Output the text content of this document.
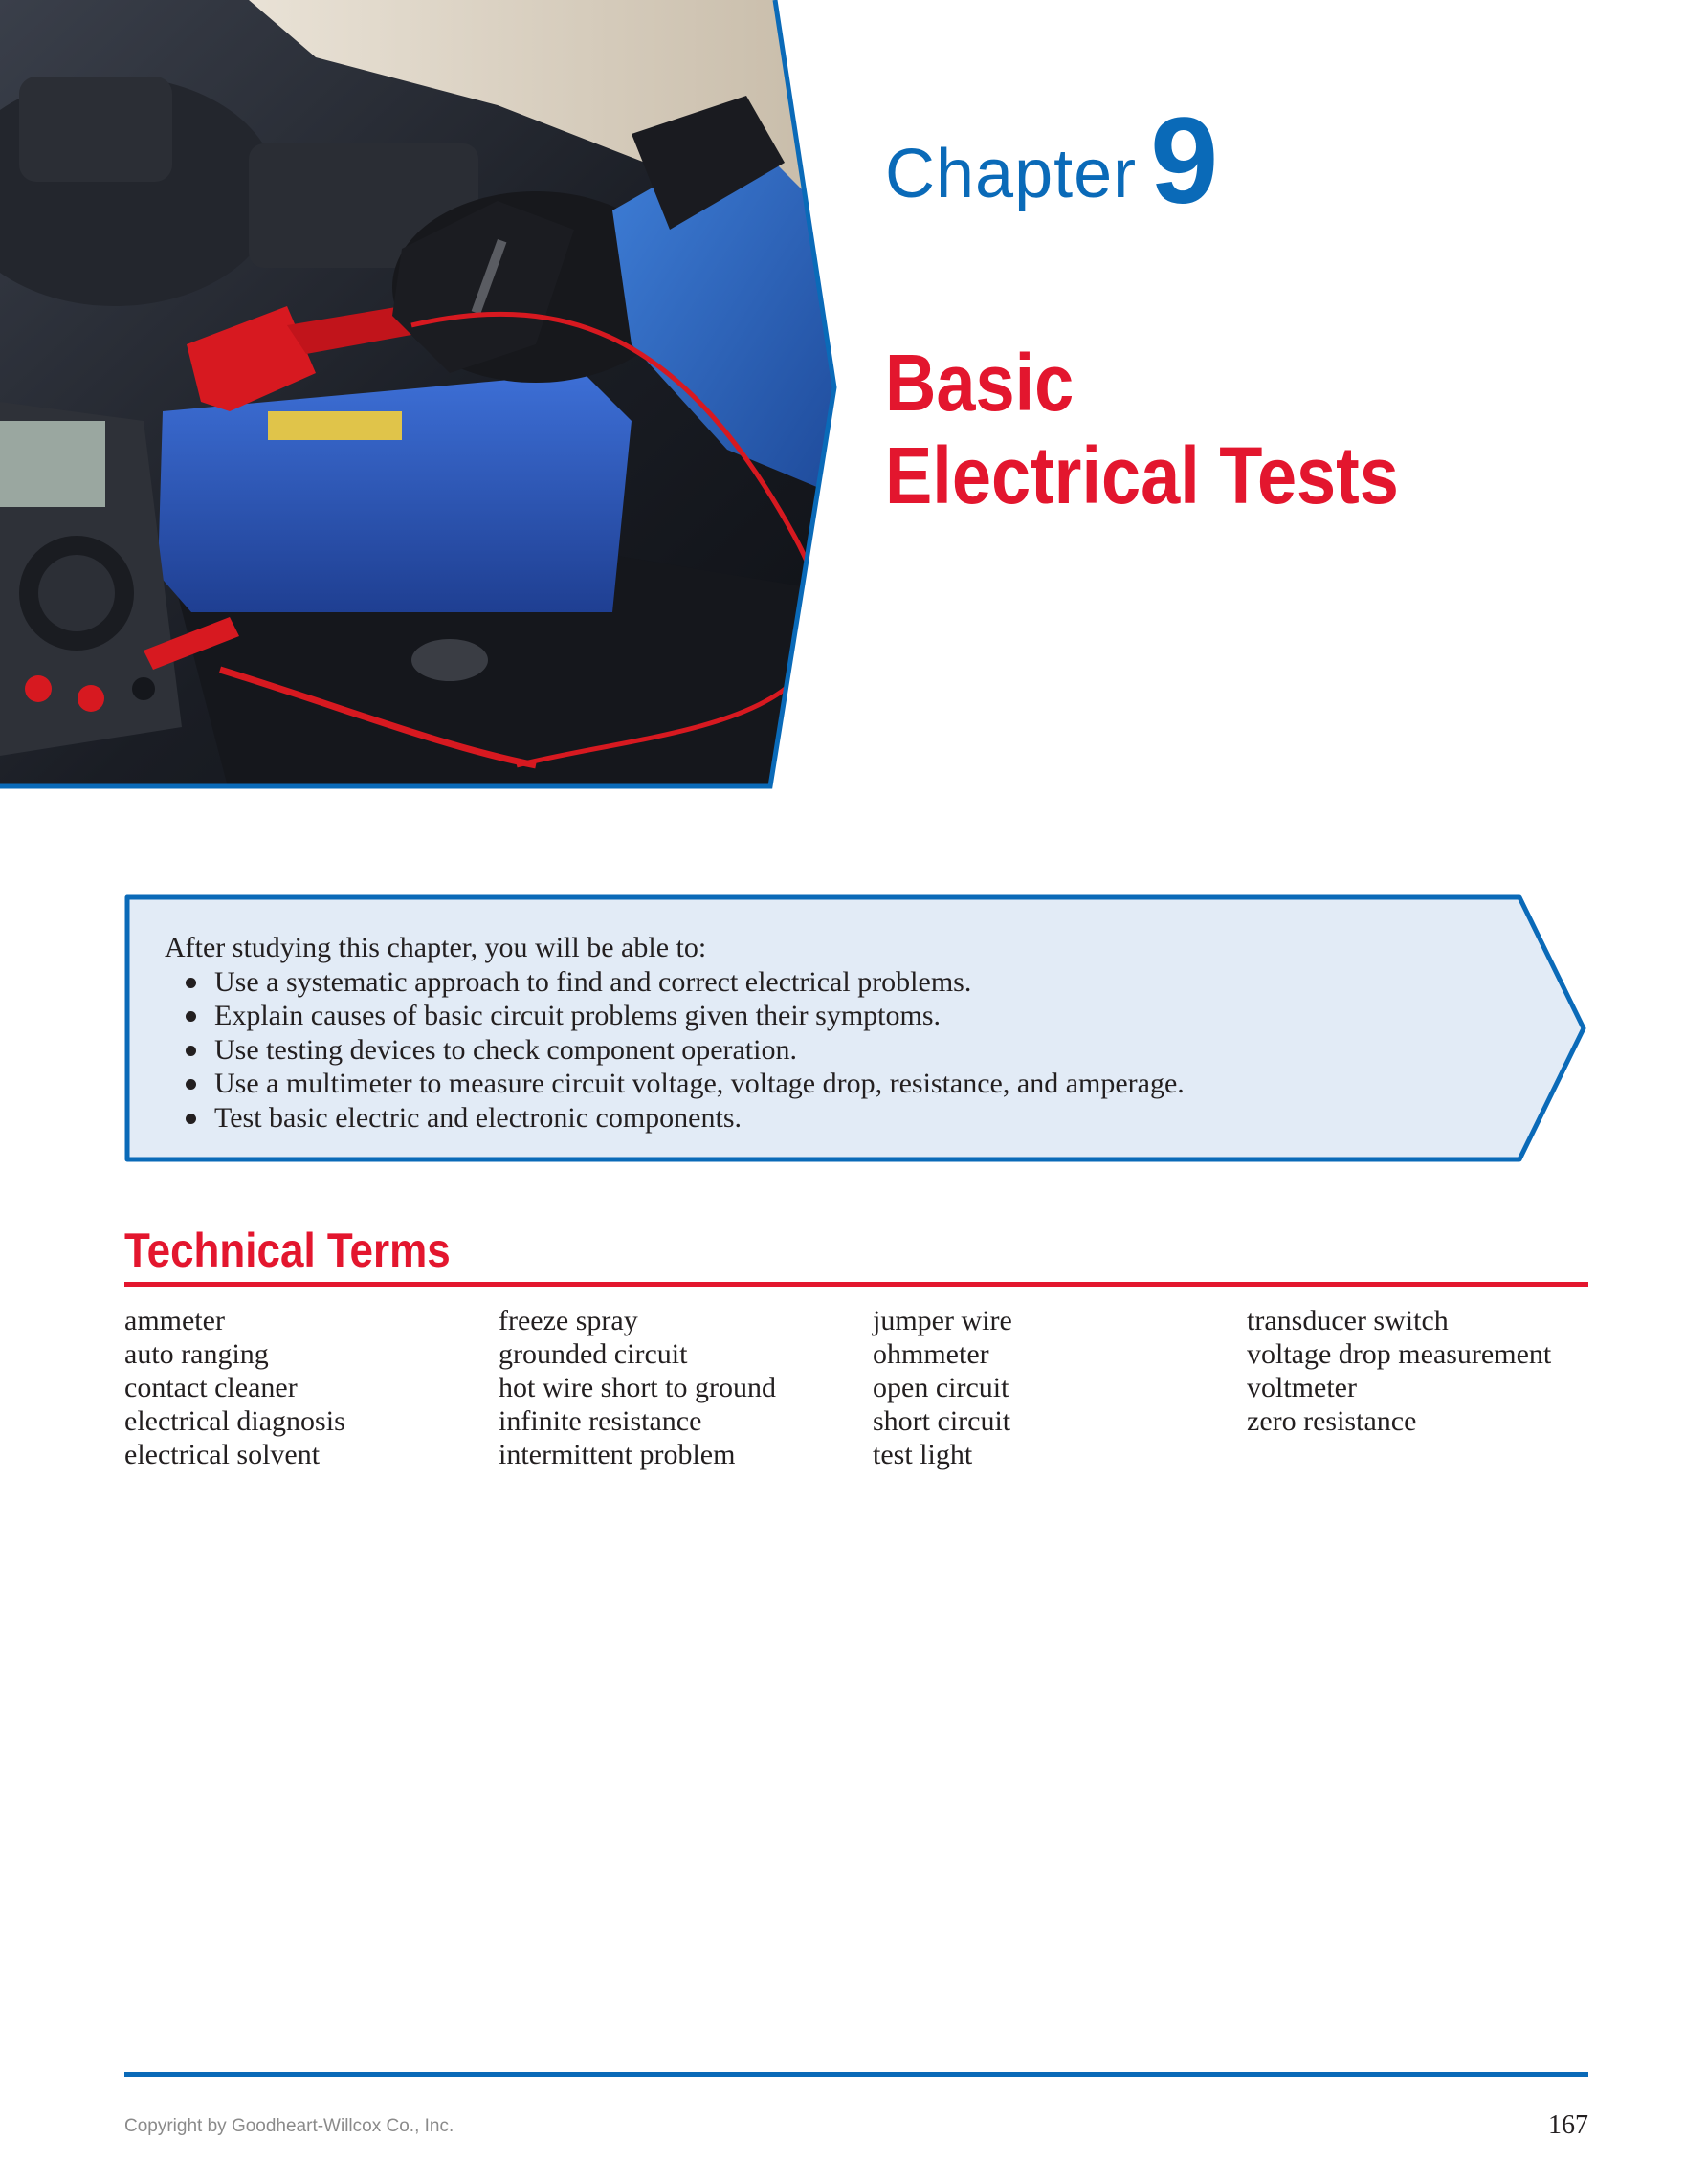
Chapter 9
Basic
Electrical Tests

After studying this chapter, you will be able to:

Use a systematic approach to find and correct electrical problems.
Explain causes of basic circuit problems given their symptoms.
Use testing devices to check component operation.
Use a multimeter to measure circuit voltage, voltage drop, resistance, and amperage.
Test basic electric and electronic components.
Technical Terms
ammeter
auto ranging
contact cleaner
electrical diagnosis
electrical solvent
freeze spray
grounded circuit
hot wire short to ground
infinite resistance
intermittent problem
jumper wire
ohmmeter
open circuit
short circuit
test light
transducer switch
voltage drop measurement
voltmeter
zero resistance
Copyright by Goodheart-Willcox Co., Inc.	167
